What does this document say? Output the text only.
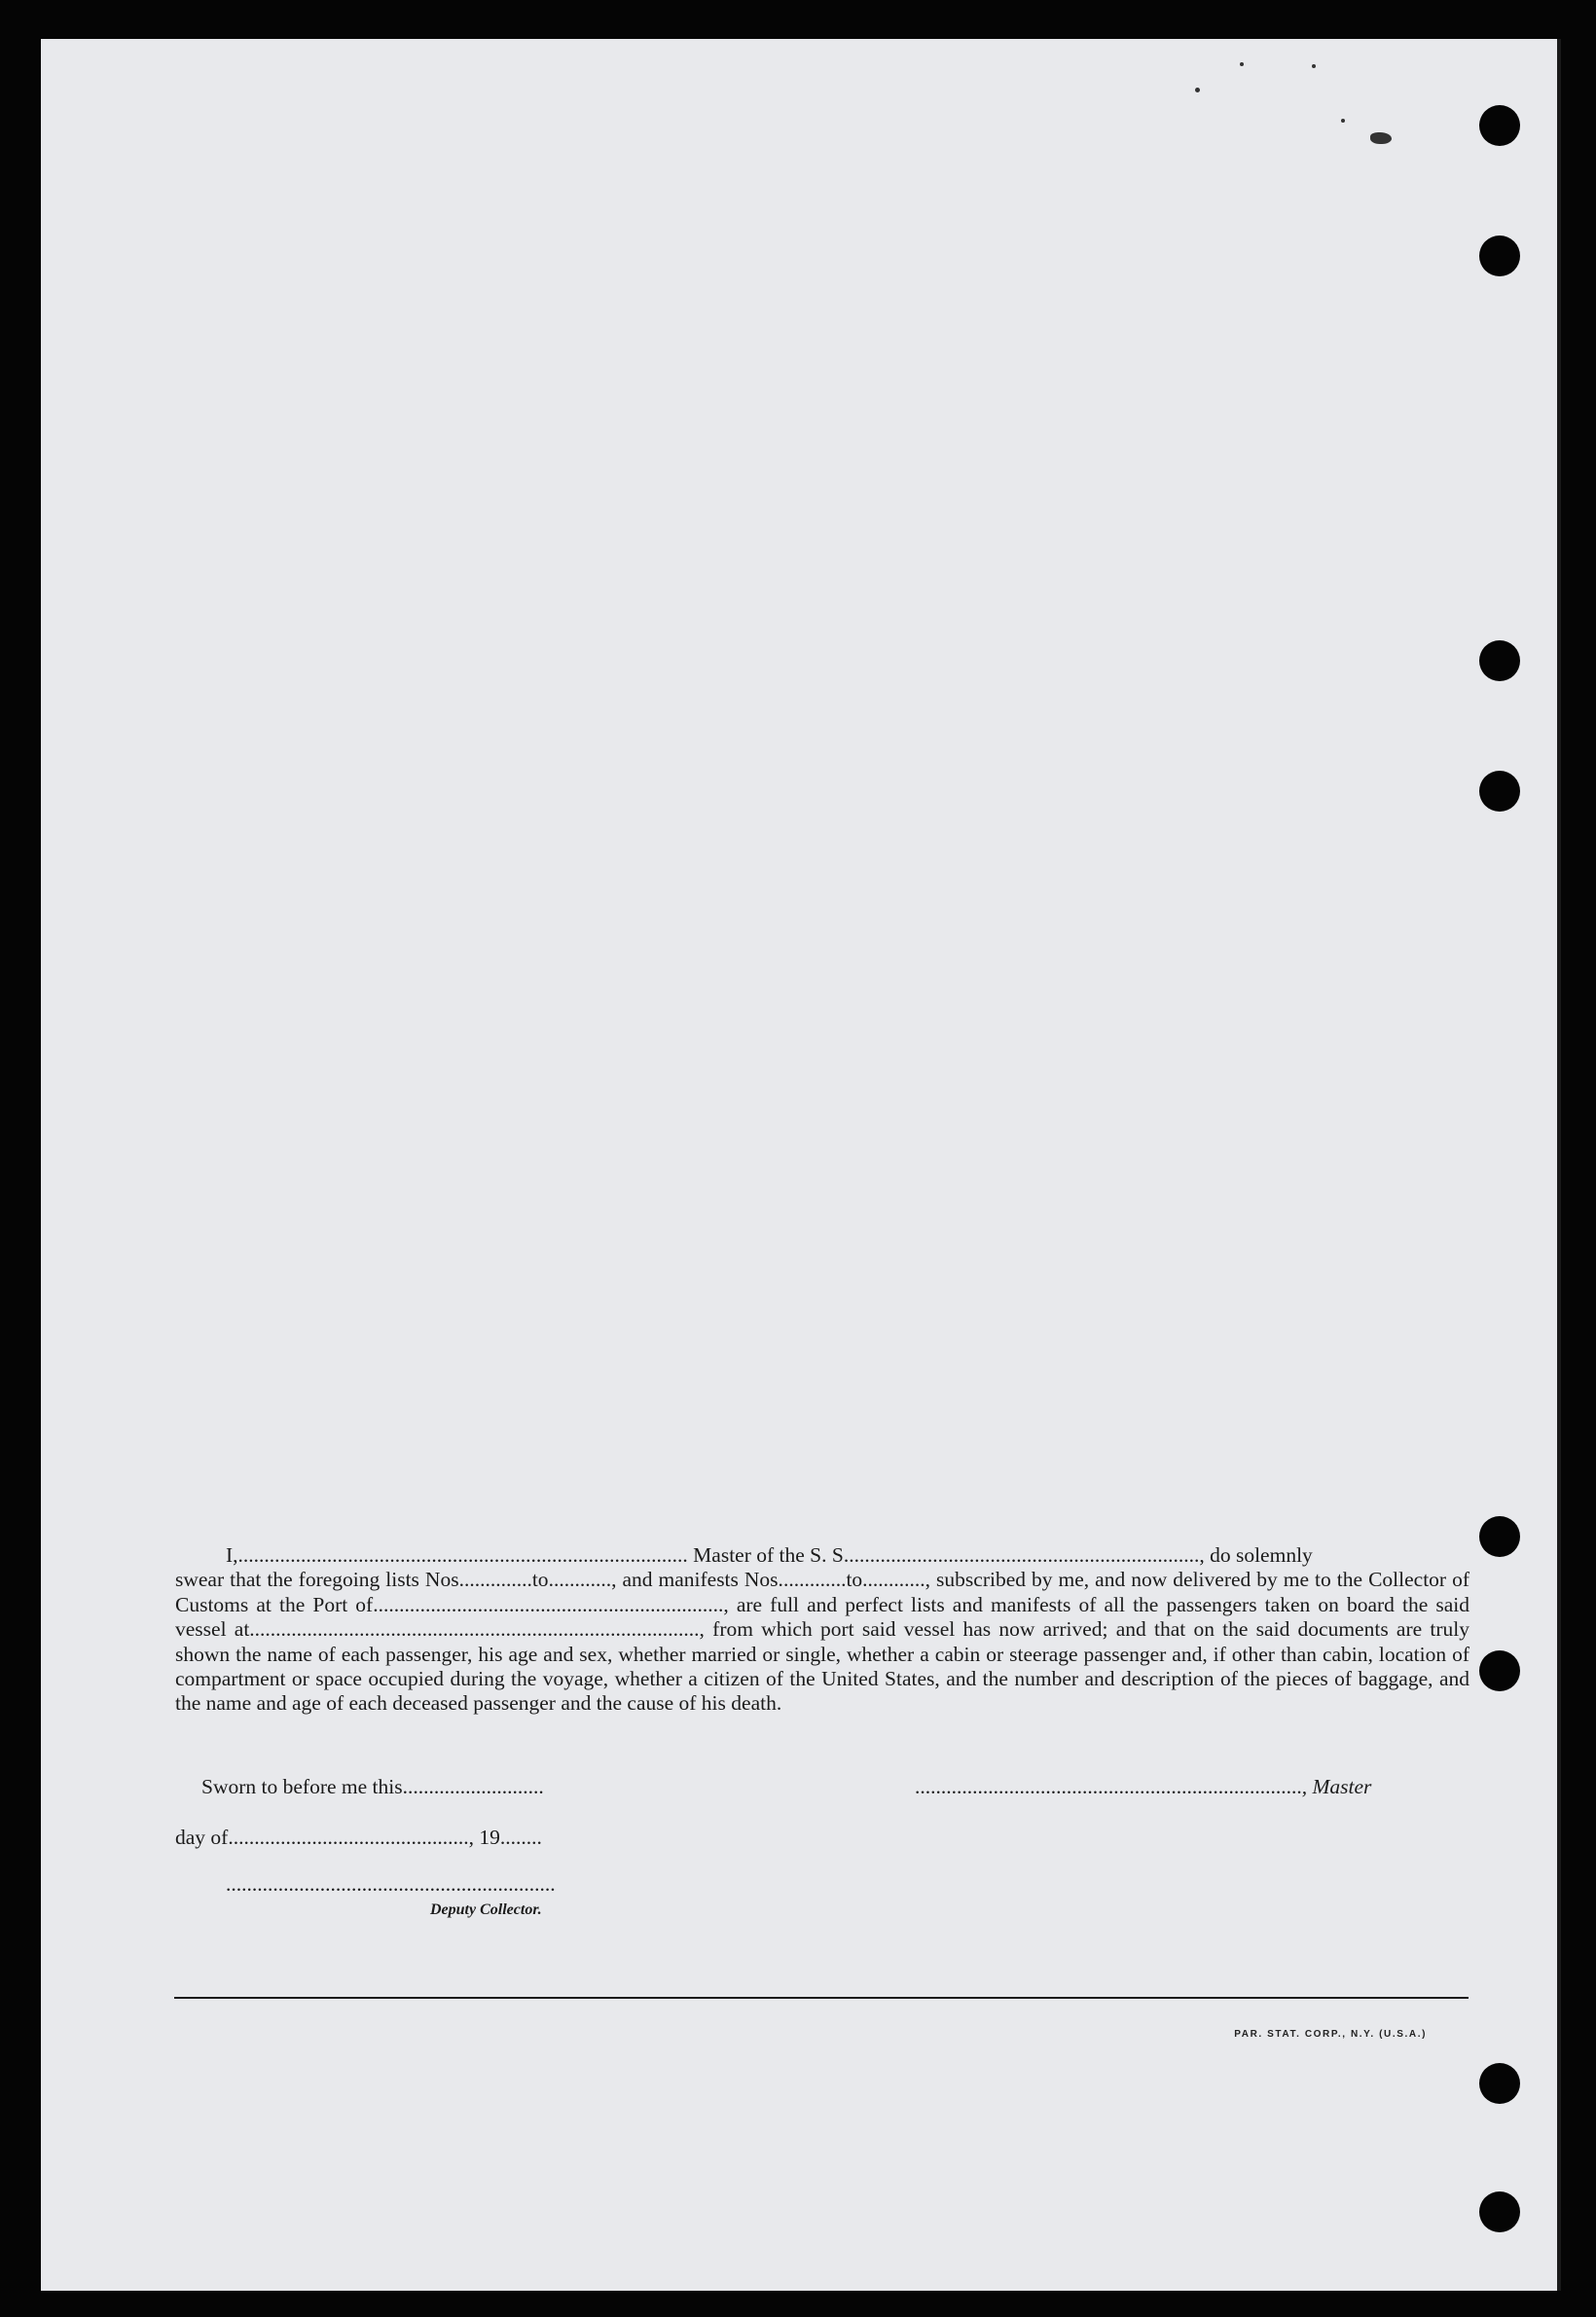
I,...................................................................................... Master of the S. S...................................................................., do solemnly

swear that the foregoing lists Nos..............to............, and manifests Nos.............to............, subscribed by me, and now delivered by me to the Collector of Customs at the Port of..................................................................., are full and perfect lists and manifests of all the passengers taken on board the said vessel at......................................................................................, from which port said vessel has now arrived; and that on the said documents are truly shown the name of each passenger, his age and sex, whether married or single, whether a cabin or steerage passenger and, if other than cabin, location of compartment or space occupied during the voyage, whether a citizen of the United States, and the number and description of the pieces of baggage, and the name and age of each deceased passenger and the cause of his death.
Sworn to before me this...........................	.........................................................................., Master
day of.............................................., 19........
...............................................................
Deputy Collector.
PAR. STAT. CORP., N.Y. (U.S.A.)
